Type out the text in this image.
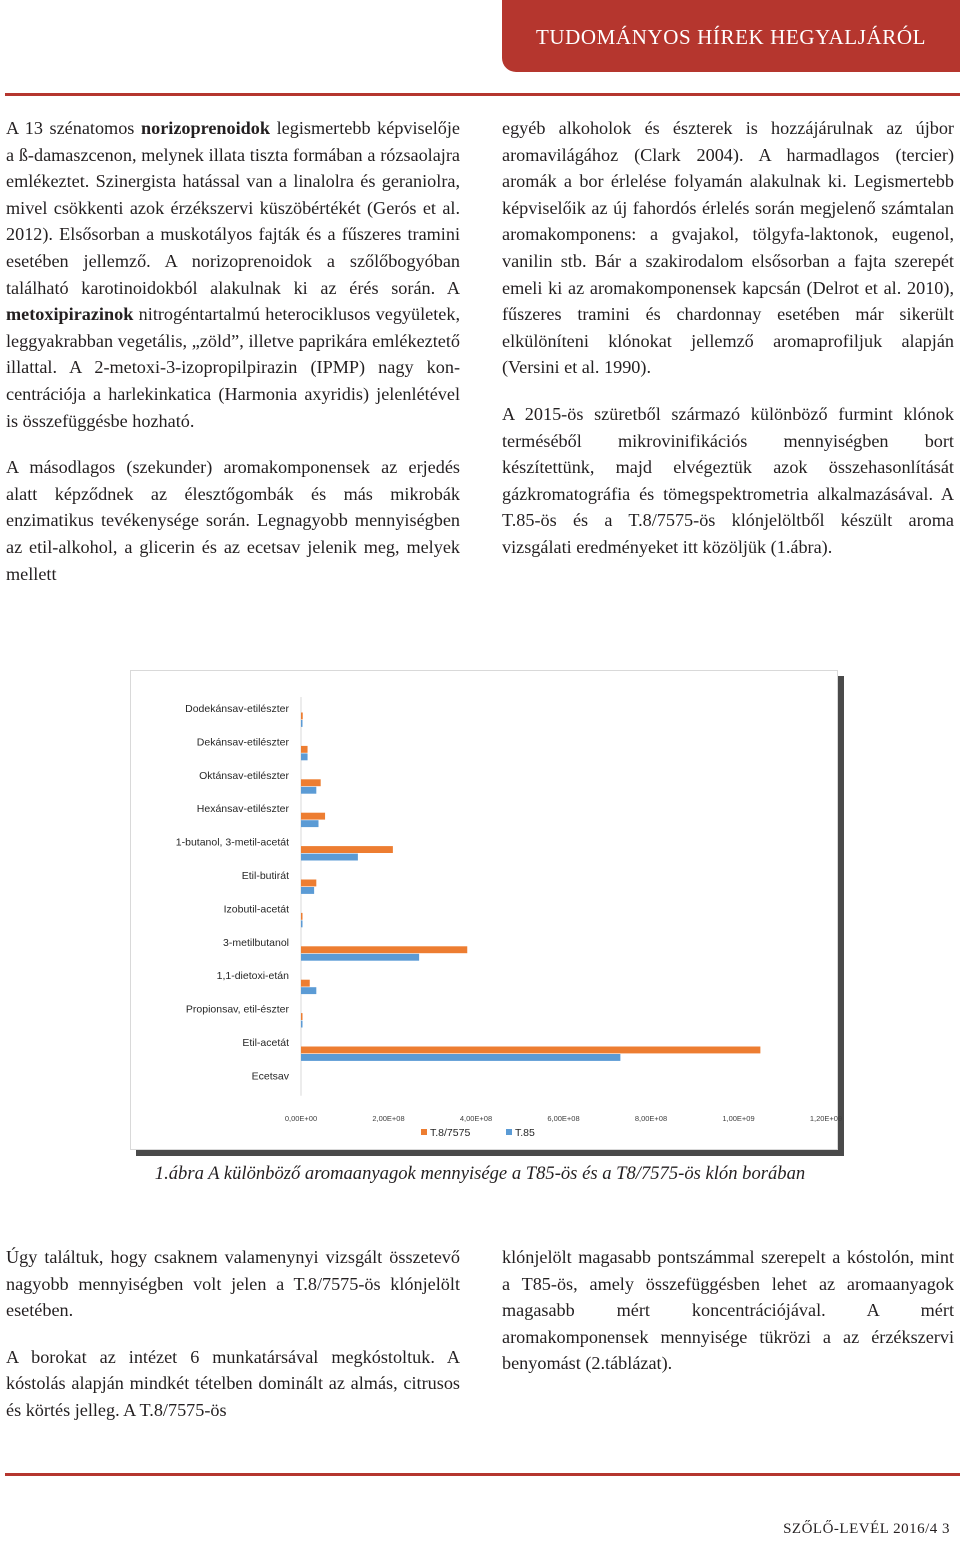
TUDOMÁNYOS HÍREK HEGYALJÁRÓL

A 13 szénatomos norizoprenoidok legismertebb képviselője a ß-damaszcenon, melynek illata tiszta formában a rózsaolajra emlékeztet. Szinergista hatással van a linalolra és geraniolra, mivel csökkenti azok érzékszervi küszöbértékét (Gerós et al. 2012). Elsősorban a muskotályos fajták és a fűszeres tramini esetében jellemző. A norizoprenoidok a szőlőbogyóban található karotinoidokból alakulnak ki az érés során. A metoxipirazinok nitrogéntartalmú heterociklusos vegyületek, leggyakrabban vegetális, „zöld”, illetve paprikára emlékeztető illattal. A 2-metoxi-3-izopropilpirazin (IPMP) nagy koncentrációja a harlekinkatica (Harmonia axyridis) jelenlétével is összefüggésbe hozható.

A másodlagos (szekunder) aromakomponensek az erjedés alatt képződnek az élesztőgombák és más mikrobák enzimatikus tevékenysége során. Legnagyobb mennyiségben az etil-alkohol, a glicerin és az ecetsav jelenik meg, melyek mellett

egyéb alkoholok és észterek is hozzájárulnak az újbor aromavilágához (Clark 2004). A harmadlagos (tercier) aromák a bor érlelése folyamán alakulnak ki. Legismertebb képviselőik az új fahordós érlelés során megjelenő számtalan aromakomponens: a gvajakol, tölgyfa-laktonok, eugenol, vanilin stb. Bár a szakirodalom elsősorban a fajta szerepét emeli ki az aromakomponensek kapcsán (Delrot et al. 2010), fűszeres tramini és chardonnay esetében már sikerült elkülöníteni klónokat jellemző aromaprofiljuk alapján (Versini et al. 1990).

A 2015-ös szüretből származó különböző furmint klónok terméséből mikrovinifikációs mennyiségben bort készítettünk, majd elvégeztük azok összehasonlítását gázkromatográfia és tömegspektrometria alkalmazásával. A T.85-ös és a T.8/7575-ös klónjelöltből készült aroma vizsgálati eredményeket itt közöljük (1.ábra).

Dodekánsav-etilészter
Dekánsav-etilészter
Oktánsav-etilészter
Hexánsav-etilészter
1-butanol, 3-metil-acetát
Etil-butirát
Izobutil-acetát
3-metilbutanol
1,1-dietoxi-etán
Propionsav, etil-észter
Etil-acetát
Ecetsav
0,00E+00	2,00E+08	4,00E+08	6,00E+08	8,00E+08	1,00E+09	1,20E+09
T.8/7575	T.85
1.ábra A különböző aromaanyagok mennyisége a T85-ös és a T8/7575-ös klón borában

Úgy találtuk, hogy csaknem valamenynyi vizsgált összetevő nagyobb mennyiségben volt jelen a T.8/7575-ös klónjelölt esetében.

A borokat az intézet 6 munkatársával megkóstoltuk. A kóstolás alapján mindkét tételben dominált az almás, citrusos és körtés jelleg. A T.8/7575-ös

klónjelölt magasabb pontszámmal szerepelt a kóstolón, mint a T85-ös, amely összefüggésben lehet az aromaanyagok magasabb mért koncentrációjával. A mért aromakomponensek mennyisége tükrözi a az érzékszervi benyomást (2.táblázat).

SZŐLŐ-LEVÉL 2016/4 3
